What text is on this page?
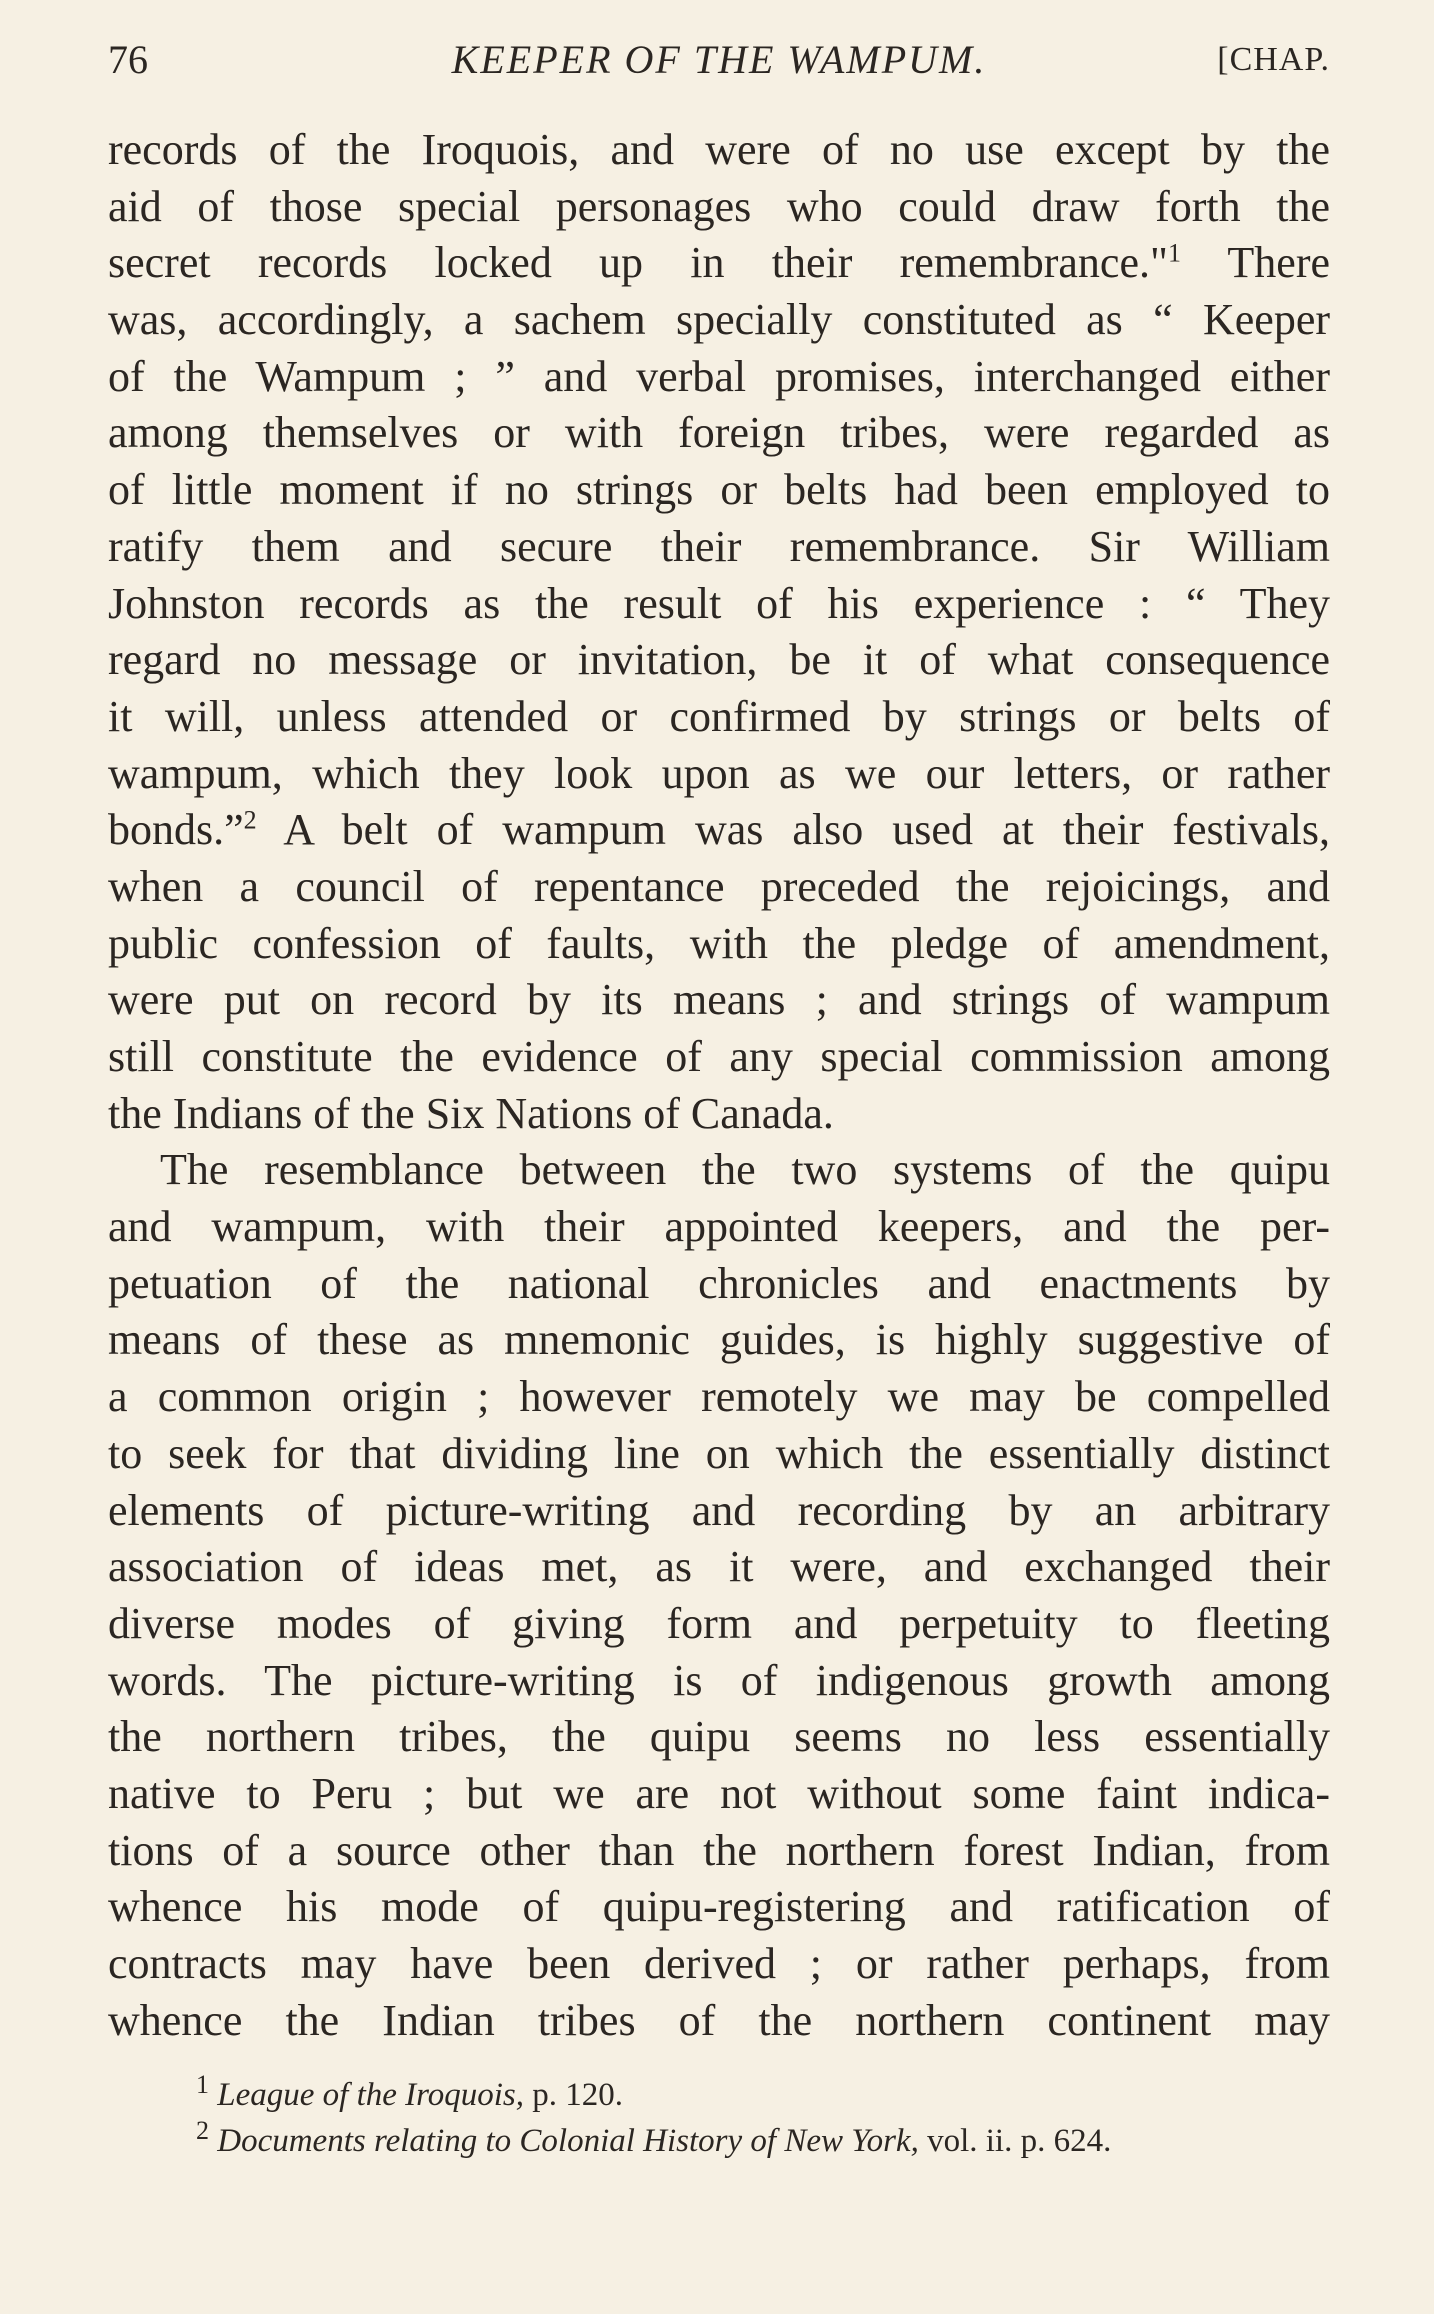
76	KEEPER OF THE WAMPUM.	[CHAP.
records of the Iroquois, and were of no use except by the
aid of those special personages who could draw forth the
secret records locked up in their remembrance."$^1$ There
was, accordingly, a sachem specially constituted as “ Keeper
of the Wampum ; ” and verbal promises, interchanged either
among themselves or with foreign tribes, were regarded as
of little moment if no strings or belts had been employed to
ratify them and secure their remembrance. Sir William
Johnston records as the result of his experience : “ They
regard no message or invitation, be it of what consequence
it will, unless attended or confirmed by strings or belts of
wampum, which they look upon as we our letters, or rather
bonds.”$^2$ A belt of wampum was also used at their festivals,
when a council of repentance preceded the rejoicings, and
public confession of faults, with the pledge of amendment,
were put on record by its means ; and strings of wampum
still constitute the evidence of any special commission among
the Indians of the Six Nations of Canada.
The resemblance between the two systems of the quipu
and wampum, with their appointed keepers, and the per-
petuation of the national chronicles and enactments by
means of these as mnemonic guides, is highly suggestive of
a common origin ; however remotely we may be compelled
to seek for that dividing line on which the essentially distinct
elements of picture-writing and recording by an arbitrary
association of ideas met, as it were, and exchanged their
diverse modes of giving form and perpetuity to fleeting
words. The picture-writing is of indigenous growth among
the northern tribes, the quipu seems no less essentially
native to Peru ; but we are not without some faint indica-
tions of a source other than the northern forest Indian, from
whence his mode of quipu-registering and ratification of
contracts may have been derived ; or rather perhaps, from
whence the Indian tribes of the northern continent may
$^1$ League of the Iroquois, p. 120.
$^2$ Documents relating to Colonial History of New York, vol. ii. p. 624.
